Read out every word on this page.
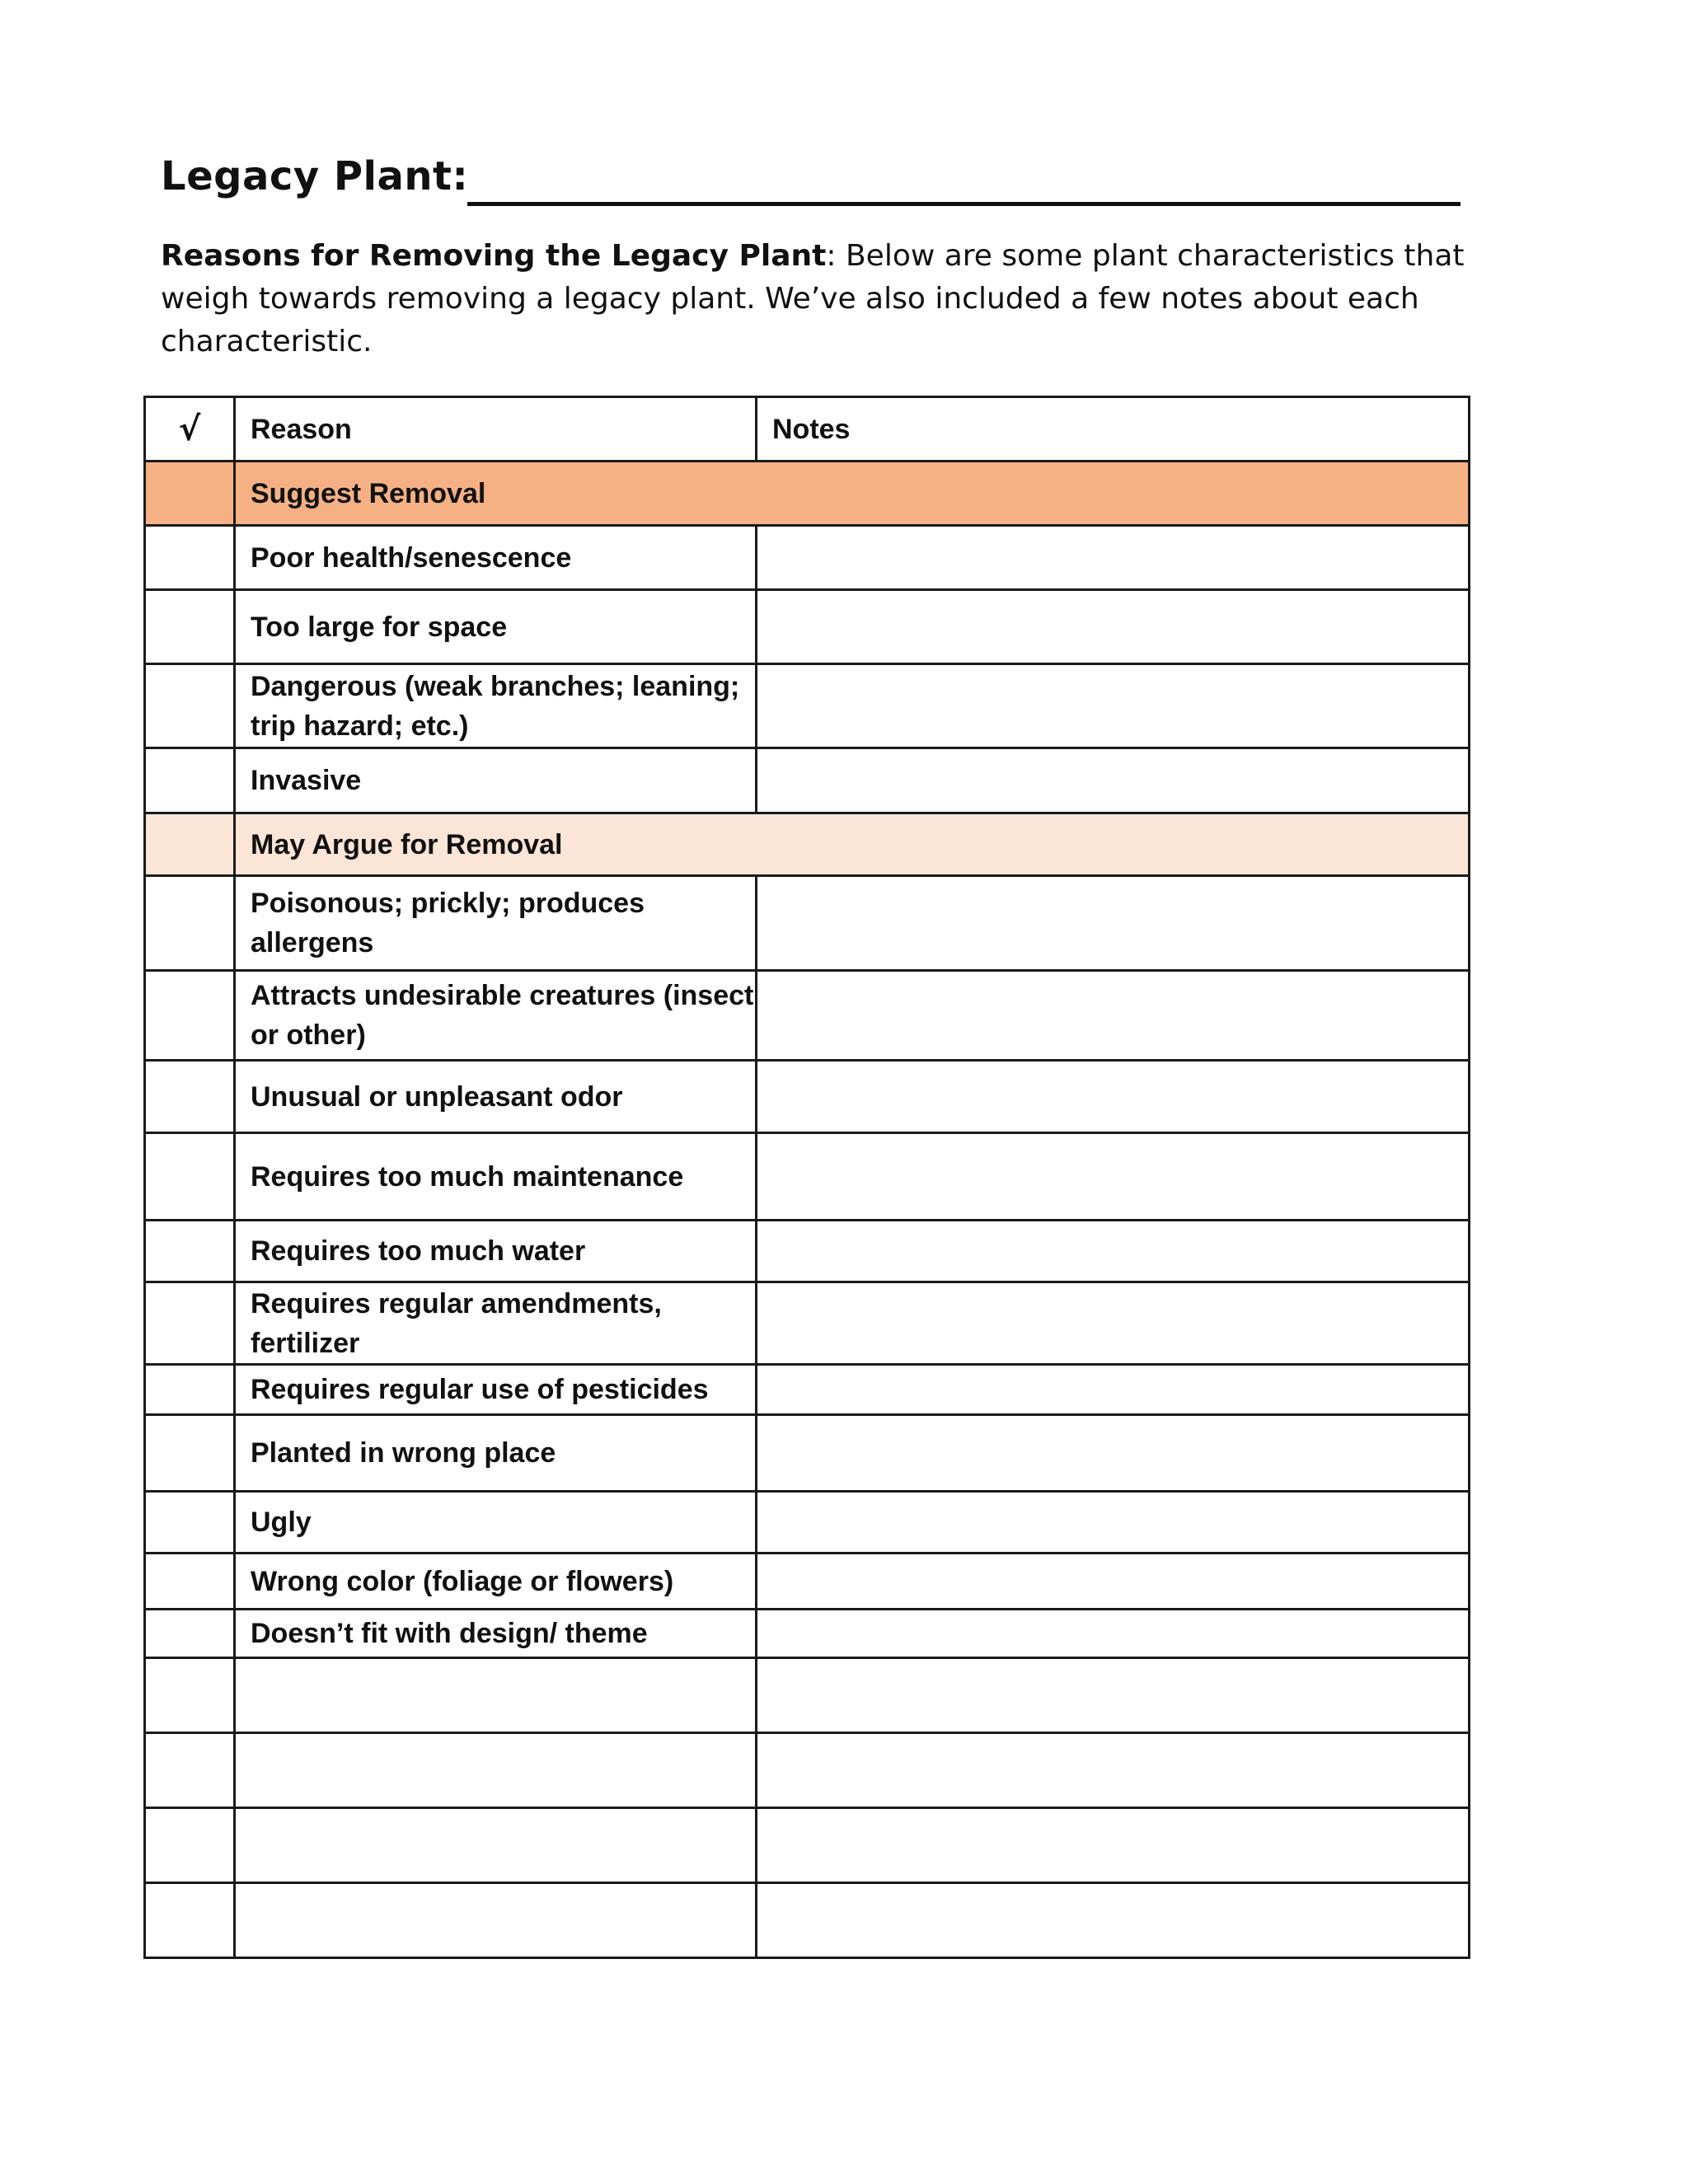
Legacy Plant:
Reasons for Removing the Legacy Plant: Below are some plant characteristics that weigh towards removing a legacy plant. We’ve also included a few notes about each characteristic.
√	Reason	Notes
	Suggest Removal	
	Poor health/senescence	
	Too large for space	
	Dangerous (weak branches; leaning; trip hazard; etc.)	
	Invasive	
	May Argue for Removal	
	Poisonous; prickly; produces allergens	
	Attracts undesirable creatures (insect or other)	
	Unusual or unpleasant odor	
	Requires too much maintenance	
	Requires too much water	
	Requires regular amendments, fertilizer	
	Requires regular use of pesticides	
	Planted in wrong place	
	Ugly	
	Wrong color (foliage or flowers)	
	Doesn’t fit with design/ theme	
